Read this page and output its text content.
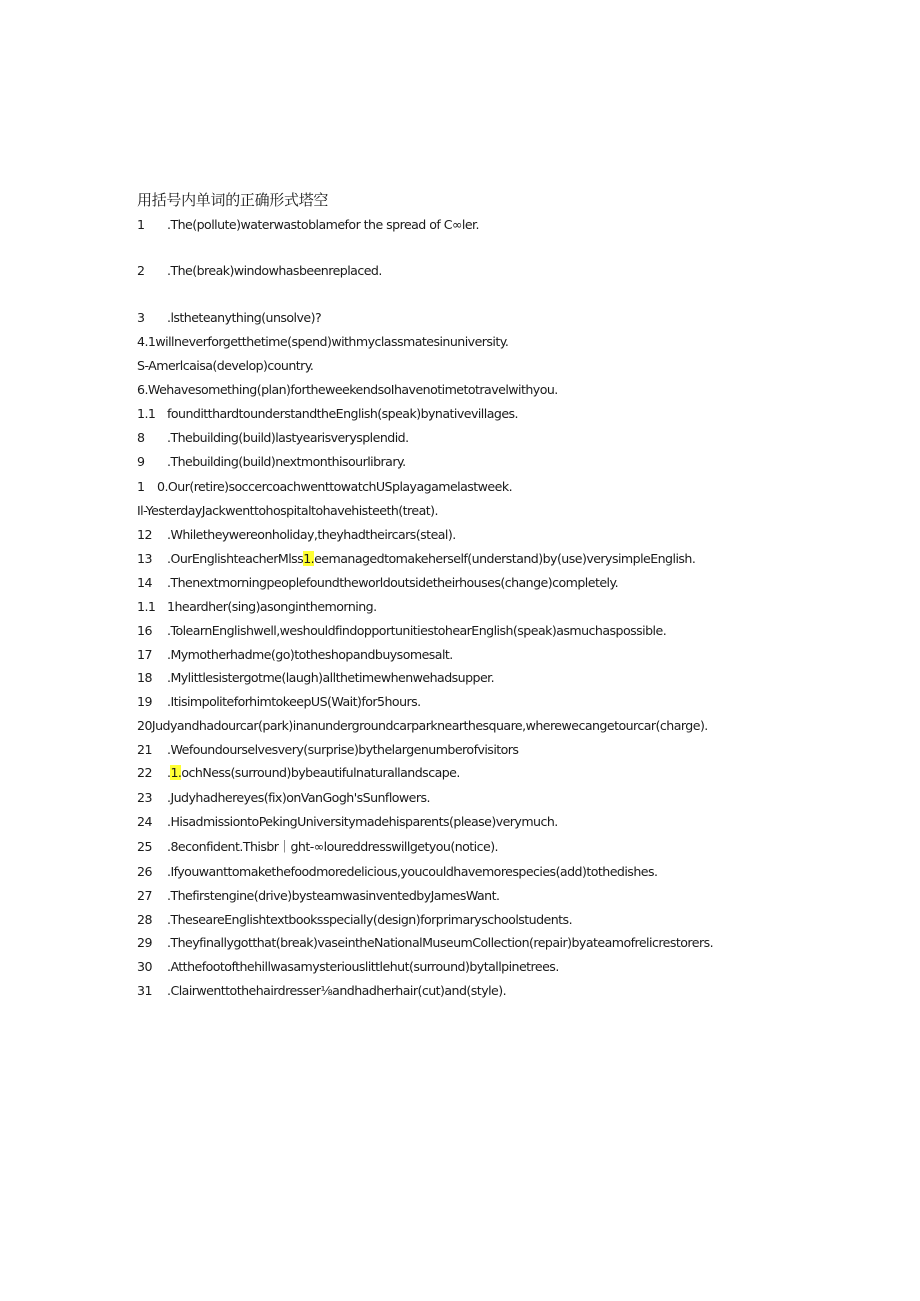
用括号内单词的正确形式塔空
1 .The(pollute)waterwastoblamefor the spread of C∞ler.
2 .The(break)windowhasbeenreplaced.
3 .lstheteanything(unsolve)?
4.1willneverforgetthetime(spend)withmyclassmatesinuniversity.
S-Amerlcaisa(develop)country.
6.Wehavesomething(plan)fortheweekendsoIhavenotimetotravelwithyou.
1.1 founditthardtounderstandtheEnglish(speak)bynativevillages.
8 .Thebuilding(build)lastyearisverysplendid.
9 .Thebuilding(build)nextmonthisourlibrary.
1 0.Our(retire)soccercoachwenttowatchUSplayagamelastweek.
Il-YesterdayJackwenttohospitaltohavehisteeth(treat).
12 .Whiletheywereonholiday,theyhadtheircars(steal).
13 .OurEnglishteacherMlss1.eemanagedtomakeherself(understand)by(use)verysimpleEnglish.
14 .Thenextmorningpeoplefoundtheworldoutsidetheirhouses(change)completely.
1.1 1heardher(sing)asonginthemorning.
16 .TolearnEnglishwell,weshouldfindopportunitiestohearEnglish(speak)asmuchaspossible.
17 .Mymotherhadme(go)totheshopandbuysomesalt.
18 .Mylittlesistergotme(laugh)allthetimewhenwehadsupper.
19 .ItisimpoliteforhimtokeepUS(Wait)for5hours.
20Judyandhadourcar(park)inanundergroundcarparknearthesquare,wherewecangetourcar(charge).
21 .Wefoundourselvesvery(surprise)bythelargenumberofvisitors
22 .1.ochNess(surround)bybeautifulnaturallandscape.
23 .Judyhadhereyes(fix)onVanGogh'sSunflowers.
24 .HisadmissiontoPekingUniversitymadehisparents(please)verymuch.
25 .8econfident.Thisbr｜ght-∞loureddresswillgetyou(notice).
26 .Ifyouwanttomakethefoodmoredelicious,youcouldhavemorespecies(add)tothedishes.
27 .Thefirstengine(drive)bysteamwasinventedbyJamesWant.
28 .TheseareEnglishtextbooksspecially(design)forprimaryschoolstudents.
29 .Theyfinallygotthat(break)vaseintheNationalMuseumCollection(repair)byateamofrelicrestorers.
30 .Atthefootofthehillwasamysteriouslittlehut(surround)bytallpinetrees.
31 .Clairwenttothehairdresser⅛andhadherhair(cut)and(style).
